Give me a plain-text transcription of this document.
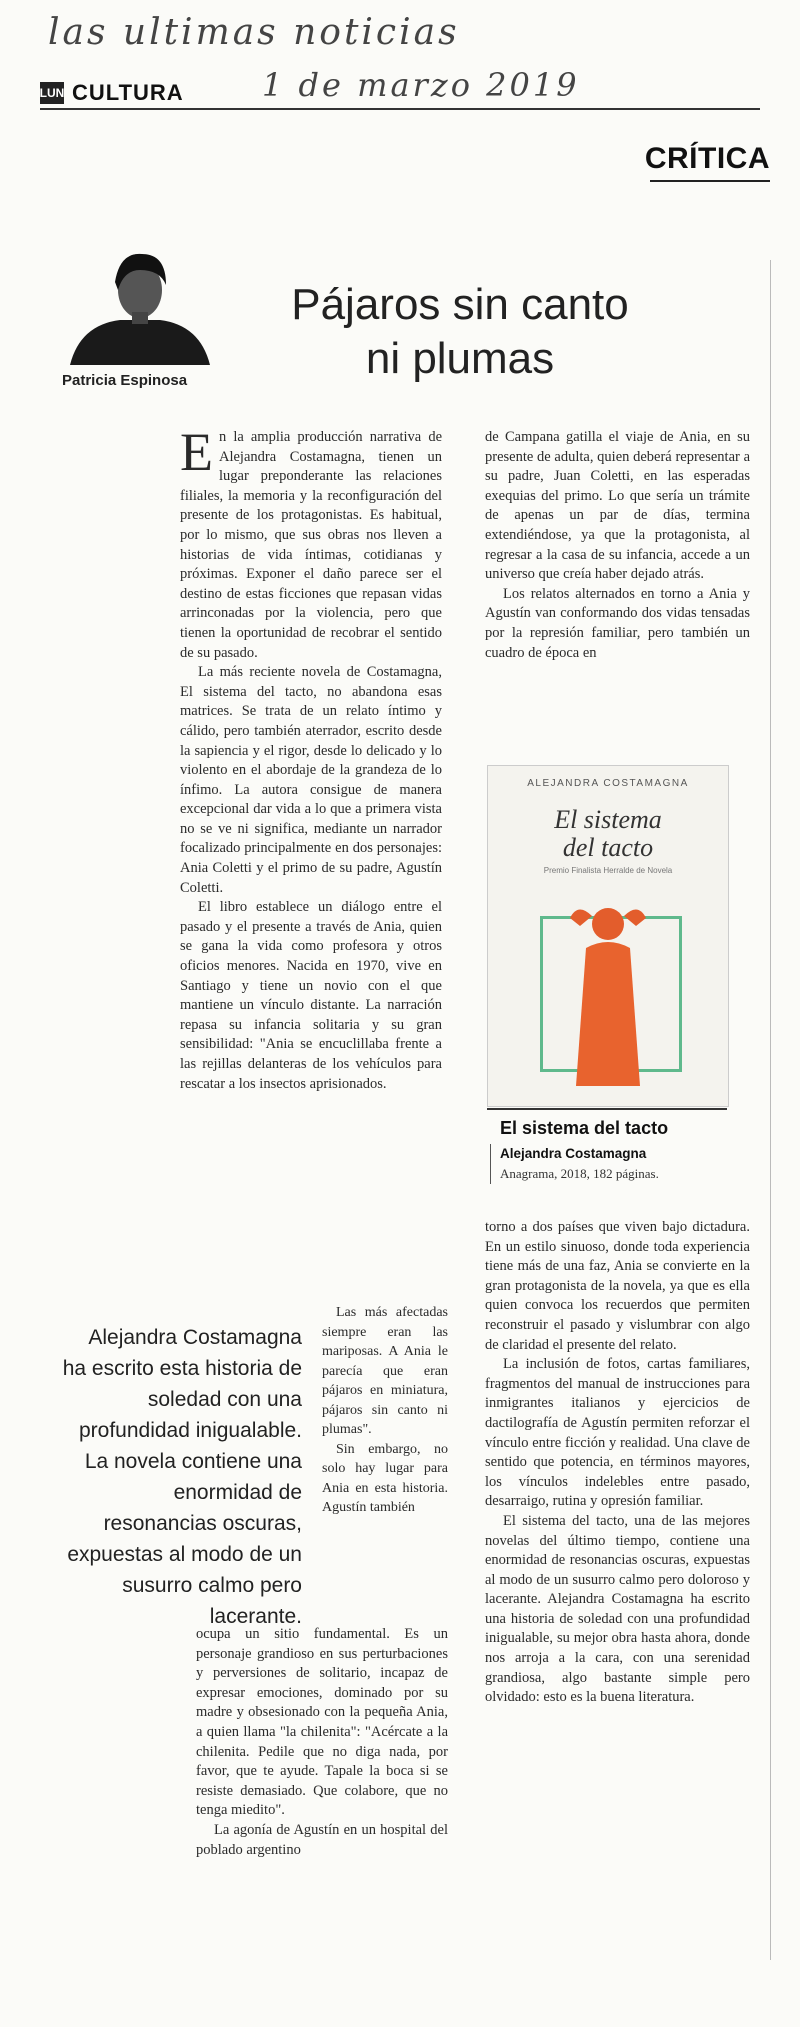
las ultimas noticias
1 de marzo 2019
LUN CULTURA
CRÍTICA
Patricia Espinosa
Pájaros sin canto
ni plumas

En la amplia producción narrativa de Alejandra Costamagna, tienen un lugar preponderante las relaciones filiales, la memoria y la reconfiguración del presente de los protagonistas. Es habitual, por lo mismo, que sus obras nos lleven a historias de vida íntimas, cotidianas y próximas. Exponer el daño parece ser el destino de estas ficciones que repasan vidas arrinconadas por la violencia, pero que tienen la oportunidad de recobrar el sentido de su pasado.

La más reciente novela de Costamagna, El sistema del tacto, no abandona esas matrices. Se trata de un relato íntimo y cálido, pero también aterrador, escrito desde la sapiencia y el rigor, desde lo delicado y lo violento en el abordaje de la grandeza de lo ínfimo. La autora consigue de manera excepcional dar vida a lo que a primera vista no se ve ni significa, mediante un narrador focalizado principalmente en dos personajes: Ania Coletti y el primo de su padre, Agustín Coletti.

El libro establece un diálogo entre el pasado y el presente a través de Ania, quien se gana la vida como profesora y otros oficios menores. Nacida en 1970, vive en Santiago y tiene un novio con el que mantiene un vínculo distante. La narración repasa su infancia solitaria y su gran sensibilidad: "Ania se encuclillaba frente a las rejillas delanteras de los vehículos para rescatar a los insectos aprisionados.

Alejandra Costamagna ha escrito esta historia de soledad con una profundidad inigualable. La novela contiene una enormidad de resonancias oscuras, expuestas al modo de un susurro calmo pero lacerante.

Las más afectadas siempre eran las mariposas. A Ania le parecía que eran pájaros en miniatura, pájaros sin canto ni plumas".

Sin embargo, no solo hay lugar para Ania en esta historia. Agustín también

ocupa un sitio fundamental. Es un personaje grandioso en sus perturbaciones y perversiones de solitario, incapaz de expresar emociones, dominado por su madre y obsesionado con la pequeña Ania, a quien llama "la chilenita": "Acércate a la chilenita. Pedile que no diga nada, por favor, que te ayude. Tapale la boca si se resiste demasiado. Que colabore, que no tenga miedito".

La agonía de Agustín en un hospital del poblado argentino

de Campana gatilla el viaje de Ania, en su presente de adulta, quien deberá representar a su padre, Juan Coletti, en las esperadas exequias del primo. Lo que sería un trámite de apenas un par de días, termina extendiéndose, ya que la protagonista, al regresar a la casa de su infancia, accede a un universo que creía haber dejado atrás.

Los relatos alternados en torno a Ania y Agustín van conformando dos vidas tensadas por la represión familiar, pero también un cuadro de época en

ALEJANDRA COSTAMAGNA
El sistema
del tacto
Premio Finalista Herralde de Novela
El sistema del tacto
Alejandra Costamagna
Anagrama, 2018, 182 páginas.

torno a dos países que viven bajo dictadura. En un estilo sinuoso, donde toda experiencia tiene más de una faz, Ania se convierte en la gran protagonista de la novela, ya que es ella quien convoca los recuerdos que permiten reconstruir el pasado y vislumbrar con algo de claridad el presente del relato.

La inclusión de fotos, cartas familiares, fragmentos del manual de instrucciones para inmigrantes italianos y ejercicios de dactilografía de Agustín permiten reforzar el vínculo entre ficción y realidad. Una clave de sentido que potencia, en términos mayores, los vínculos indelebles entre pasado, desarraigo, rutina y opresión familiar.

El sistema del tacto, una de las mejores novelas del último tiempo, contiene una enormidad de resonancias oscuras, expuestas al modo de un susurro calmo pero doloroso y lacerante. Alejandra Costamagna ha escrito una historia de soledad con una profundidad inigualable, su mejor obra hasta ahora, donde nos arroja a la cara, con una serenidad grandiosa, algo bastante simple pero olvidado: esto es la buena literatura.
